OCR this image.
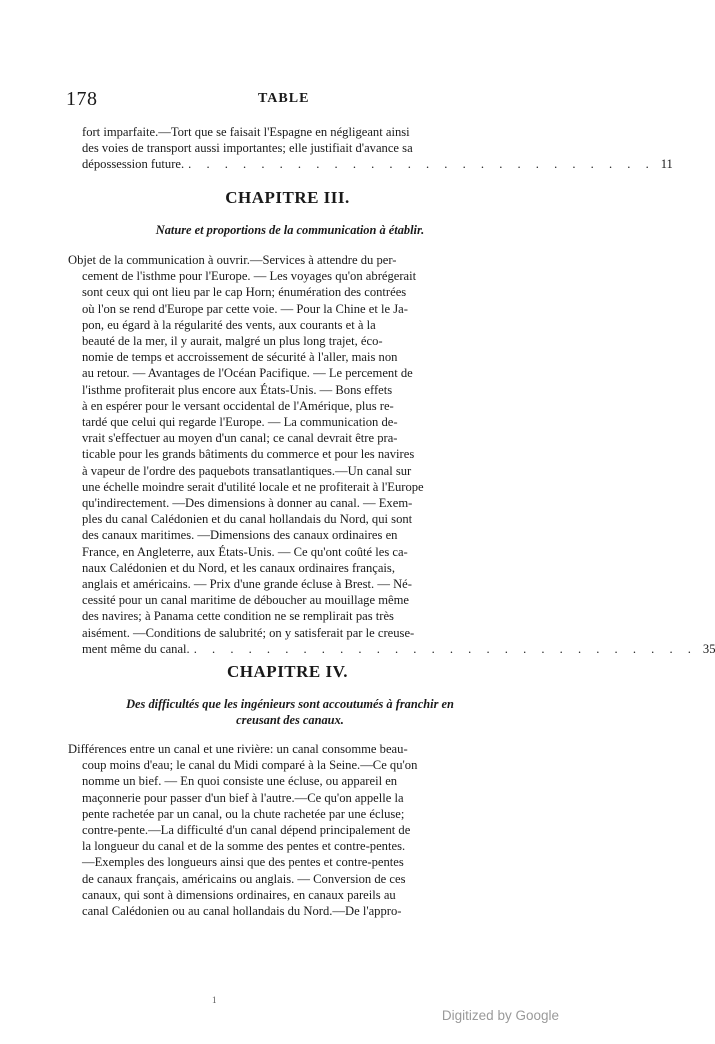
178	TABLE
fort imparfaite.—Tort que se faisait l'Espagne en négligeant ainsi
des voies de transport aussi importantes; elle justifiait d'avance sa
dépossession future. . . . . . . . . . . . . . . . . . . . . . . . . . . 11
CHAPITRE III.
Nature et proportions de la communication à établir.
Objet de la communication à ouvrir.—Services à attendre du per-
cement de l'isthme pour l'Europe. — Les voyages qu'on abrégerait
sont ceux qui ont lieu par le cap Horn; énumération des contrées
où l'on se rend d'Europe par cette voie. — Pour la Chine et le Ja-
pon, eu égard à la régularité des vents, aux courants et à la
beauté de la mer, il y aurait, malgré un plus long trajet, éco-
nomie de temps et accroissement de sécurité à l'aller, mais non
au retour. — Avantages de l'Océan Pacifique. — Le percement de
l'isthme profiterait plus encore aux États-Unis. — Bons effets
à en espérer pour le versant occidental de l'Amérique, plus re-
tardé que celui qui regarde l'Europe. — La communication de-
vrait s'effectuer au moyen d'un canal; ce canal devrait être pra-
ticable pour les grands bâtiments du commerce et pour les navires
à vapeur de l'ordre des paquebots transatlantiques.—Un canal sur
une échelle moindre serait d'utilité locale et ne profiterait à l'Europe
qu'indirectement. —Des dimensions à donner au canal. — Exem-
ples du canal Calédonien et du canal hollandais du Nord, qui sont
des canaux maritimes. —Dimensions des canaux ordinaires en
France, en Angleterre, aux États-Unis. — Ce qu'ont coûté les ca-
naux Calédonien et du Nord, et les canaux ordinaires français,
anglais et américains. — Prix d'une grande écluse à Brest. — Né-
cessité pour un canal maritime de déboucher au mouillage même
des navires; à Panama cette condition ne se remplirait pas très
aisément. —Conditions de salubrité; on y satisferait par le creuse-
ment même du canal. . . . . . . . . . . . . . . . . . . . . . . . . . . . . 35
CHAPITRE IV.
Des difficultés que les ingénieurs sont accoutumés à franchir en
creusant des canaux.
Différences entre un canal et une rivière: un canal consomme beau-
coup moins d'eau; le canal du Midi comparé à la Seine.—Ce qu'on
nomme un bief. — En quoi consiste une écluse, ou appareil en
maçonnerie pour passer d'un bief à l'autre.—Ce qu'on appelle la
pente rachetée par un canal, ou la chute rachetée par une écluse;
contre-pente.—La difficulté d'un canal dépend principalement de
la longueur du canal et de la somme des pentes et contre-pentes.
—Exemples des longueurs ainsi que des pentes et contre-pentes
de canaux français, américains ou anglais. — Conversion de ces
canaux, qui sont à dimensions ordinaires, en canaux pareils au
canal Calédonien ou au canal hollandais du Nord.—De l'appro-
1
Digitized by Google
